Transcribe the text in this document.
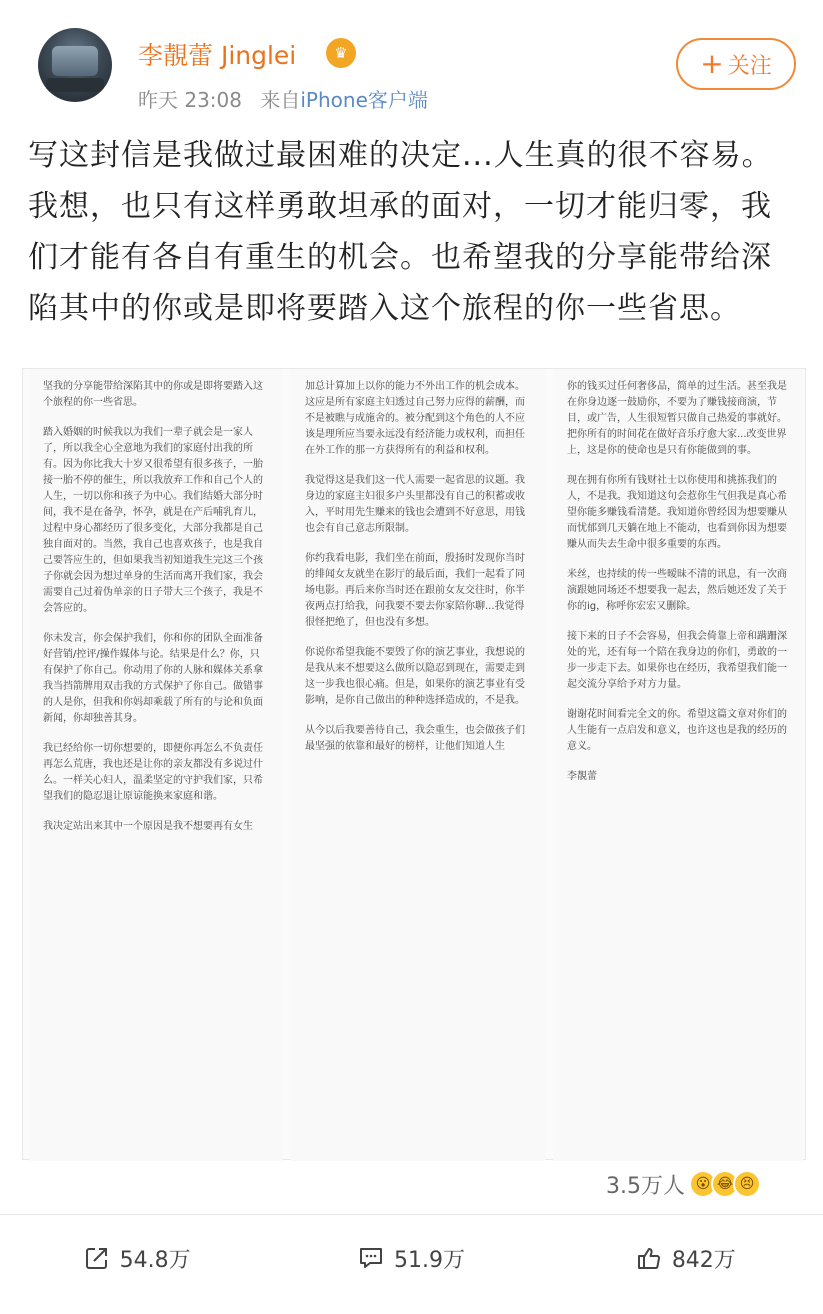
李靚蕾 Jinglei	♛
昨天 23:08 来自iPhone客户端
+ 关注
写这封信是我做过最困难的决定...人生真的很不容易。我想，也只有这样勇敢坦承的面对，一切才能归零，我们才能有各自有重生的机会。也希望我的分享能带给深陷其中的你或是即将要踏入这个旅程的你一些省思。

坚我的分享能带给深陷其中的你或是即将要踏入这个旅程的你一些省思。

踏入婚姻的时候我以为我们一辈子就会是一家人了，所以我全心全意地为我们的家庭付出我的所有。因为你比我大十岁又很希望有很多孩子，一胎接一胎不停的催生，所以我放弃工作和自己个人的人生，一切以你和孩子为中心。我们结婚大部分时间，我不是在备孕，怀孕，就是在产后哺乳育儿，过程中身心都经历了很多变化，大部分我都是自己独自面对的。当然，我自己也喜欢孩子，也是我自己要答应生的，但如果我当初知道我生完这三个孩子你就会因为想过单身的生活而离开我们家，我会需要自己过着伪单亲的日子带大三个孩子，我是不会答应的。

你未发言，你会保护我们，你和你的团队全面准备好营销/控评/操作媒体与论。结果是什么？你，只有保护了你自己。你动用了你的人脉和媒体关系拿我当挡箭牌用双击我的方式保护了你自己。做错事的人是你，但我和你妈却乘载了所有的与论和负面新闻，你却独善其身。

我已经给你一切你想要的，即便你再怎么不负责任再怎么荒唐，我也还是让你的亲友都没有多说过什么。一样关心妇人，温柔坚定的守护我们家，只希望我们的隐忍退让原谅能换来家庭和谐。

我决定站出来其中一个原因是我不想要再有女生

加总计算加上以你的能力不外出工作的机会成本。这应是所有家庭主妇透过自己努力应得的薪酬，而不是被瞧与成施舍的。被分配到这个角色的人不应该是理所应当要永远没有经济能力或权利，而担任在外工作的那一方获得所有的利益和权利。

我觉得这是我们这一代人需要一起省思的议题。我身边的家庭主妇很多户头里都没有自己的积蓄或收入，平时用先生赚来的钱也会遭到不好意思，用钱也会有自己意志所限制。

你约我看电影，我们坐在前面，殷扬时发现你当时的绯闻女友就坐在影厅的最后面，我们一起看了同场电影。再后来你当时还在跟前女友交往时，你半夜两点打给我，问我要不要去你家陪你聊...我觉得很怪把绝了，但也没有多想。

你说你希望我能不要毁了你的演艺事业，我想说的是我从来不想要这么做所以隐忍到现在，需要走到这一步我也很心痛。但是，如果你的演艺事业有受影响，是你自己做出的种种选择造成的，不是我。

从今以后我要善待自己，我会重生，也会做孩子们最坚强的依靠和最好的榜样，让他们知道人生

你的钱买过任何奢侈品，简单的过生活。甚至我是在你身边逐一鼓励你，不要为了赚钱接商演，节目，或广告，人生很短暂只做自己热爱的事就好。把你所有的时间花在做好音乐疗愈大家...改变世界上，这是你的使命也是只有你能做到的事。

现在拥有你所有钱财社士以你使用和挑拣我们的人，不是我。我知道这句会惹你生气但我是真心希望你能多赚钱看清楚。我知道你曾经因为想要赚从而忧郁到几天躺在地上不能动，也看到你因为想要赚从而失去生命中很多重要的东西。

米丝，也持续的传一些暧昧不清的讯息，有一次商演跟她同场还不想要我一起去，然后她还发了关于你的ig，称呼你宏宏又删除。

接下来的日子不会容易，但我会倚靠上帝和蹒跚深处的光，还有每一个陪在我身边的你们，勇敢的一步一步走下去。如果你也在经历，我希望我们能一起交流分享给予对方力量。

谢谢花时间看完全文的你。希望这篇文章对你们的人生能有一点启发和意义，也许这也是我的经历的意义。

李靚蕾

3.5万人 😮 😂 😣
54.8万	51.9万	842万
